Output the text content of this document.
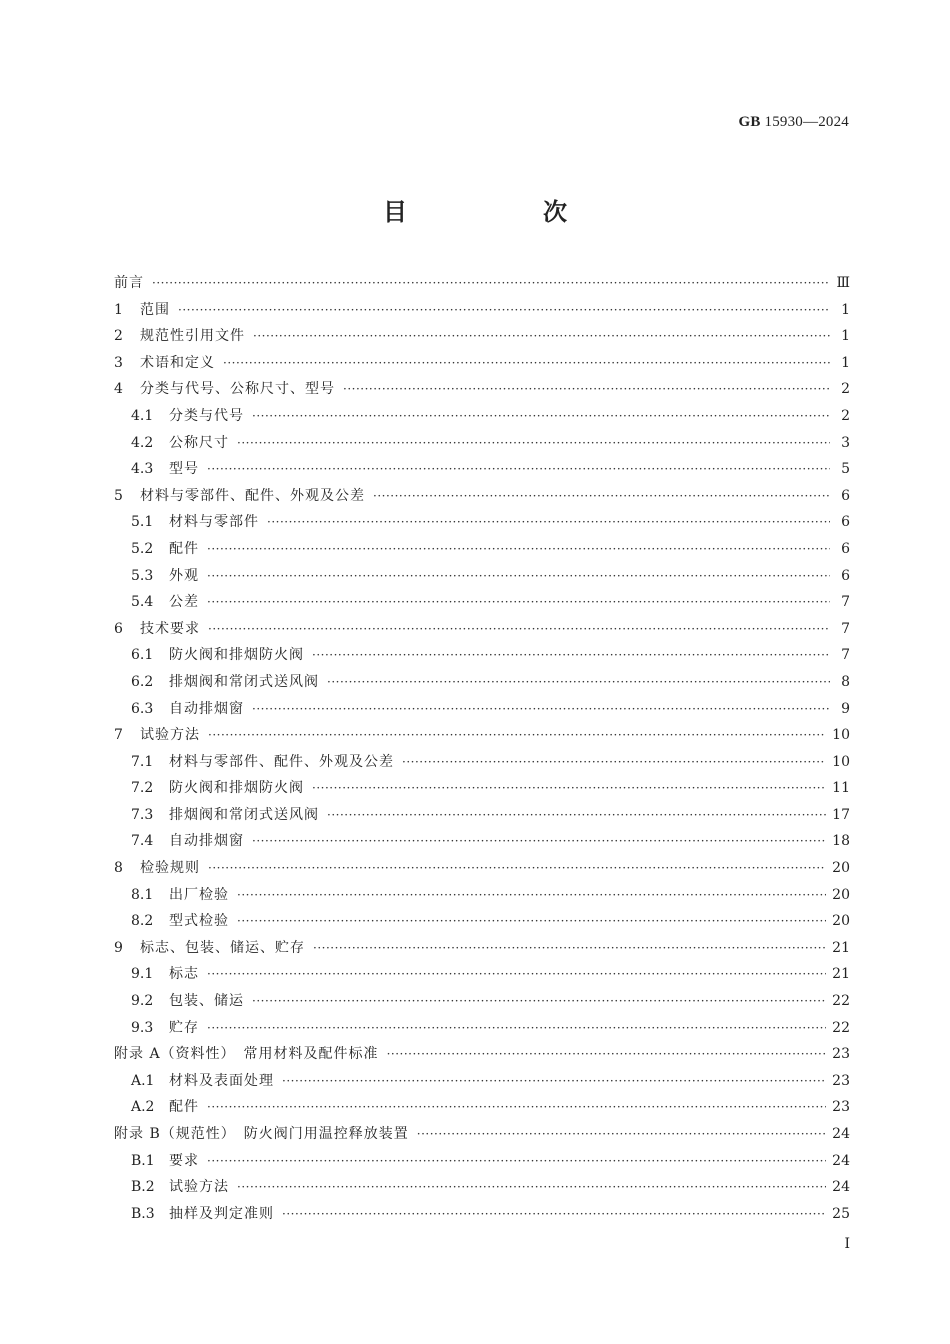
GB 15930—2024
目　次
前言 ·····	Ⅲ
1	范围 ·····	1
2	规范性引用文件 ·····	1
3	术语和定义 ·····	1
4	分类与代号、公称尺寸、型号 ·····	2
4.1	分类与代号 ·····	2
4.2	公称尺寸 ·····	3
4.3	型号 ·····	5
5	材料与零部件、配件、外观及公差 ·····	6
5.1	材料与零部件 ·····	6
5.2	配件 ·····	6
5.3	外观 ·····	6
5.4	公差 ·····	7
6	技术要求 ·····	7
6.1	防火阀和排烟防火阀 ·····	7
6.2	排烟阀和常闭式送风阀 ·····	8
6.3	自动排烟窗 ·····	9
7	试验方法 ·····	10
7.1	材料与零部件、配件、外观及公差 ·····	10
7.2	防火阀和排烟防火阀 ·····	11
7.3	排烟阀和常闭式送风阀 ·····	17
7.4	自动排烟窗 ·····	18
8	检验规则 ·····	20
8.1	出厂检验 ·····	20
8.2	型式检验 ·····	20
9	标志、包装、储运、贮存 ·····	21
9.1	标志 ·····	21
9.2	包装、储运 ·····	22
9.3	贮存 ·····	22
附录 A（资料性）　常用材料及配件标准 ·····	23
A.1	材料及表面处理 ·····	23
A.2	配件 ·····	23
附录 B（规范性）　防火阀门用温控释放装置 ·····	24
B.1	要求 ·····	24
B.2	试验方法 ·····	24
B.3	抽样及判定准则 ·····	25
Ⅰ
